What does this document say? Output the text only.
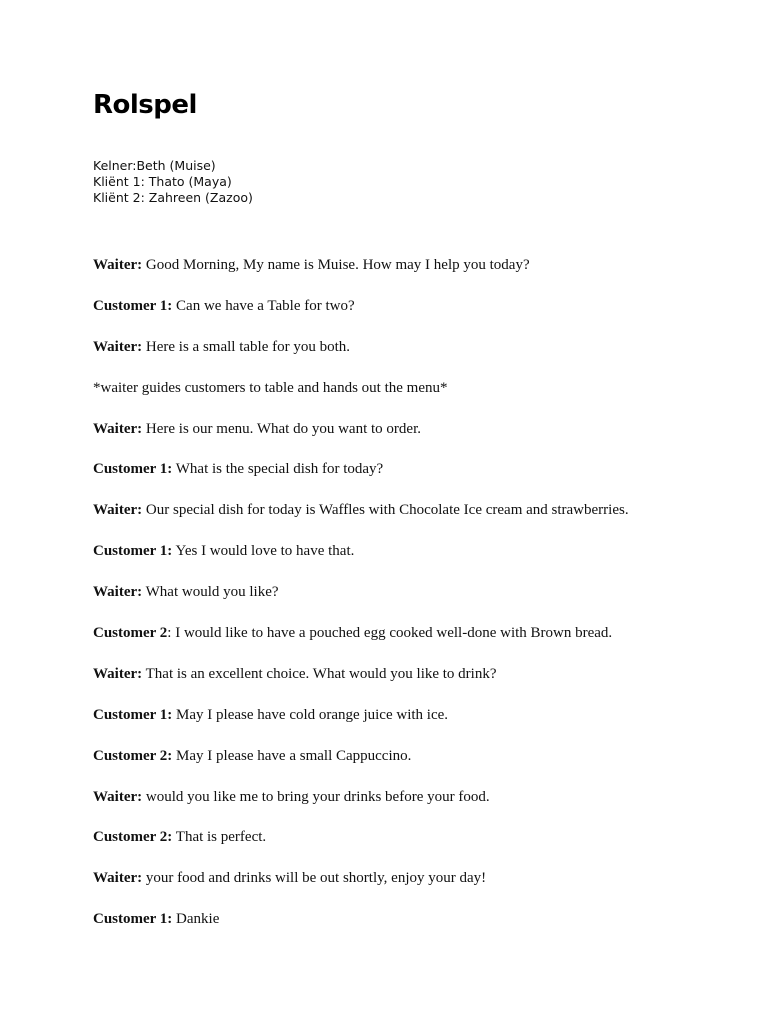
Rolspel
Kelner:Beth (Muise)
Kliënt 1: Thato (Maya)
Kliënt 2: Zahreen (Zazoo)
Waiter: Good Morning, My name is Muise. How may I help you today?
Customer 1: Can we have a Table for two?
Waiter: Here is a small table for you both.
*waiter guides customers to table and hands out the menu*
Waiter: Here is our menu. What do you want to order.
Customer 1: What is the special dish for today?
Waiter: Our special dish for today is Waffles with Chocolate Ice cream and strawberries.
Customer 1: Yes I would love to have that.
Waiter: What would you like?
Customer 2: I would like to have a pouched egg cooked well-done with Brown bread.
Waiter: That is an excellent choice. What would you like to drink?
Customer 1: May I please have cold orange juice with ice.
Customer 2: May I please have a small Cappuccino.
Waiter: would you like me to bring your drinks before your food.
Customer 2: That is perfect.
Waiter: your food and drinks will be out shortly, enjoy your day!
Customer 1: Dankie
